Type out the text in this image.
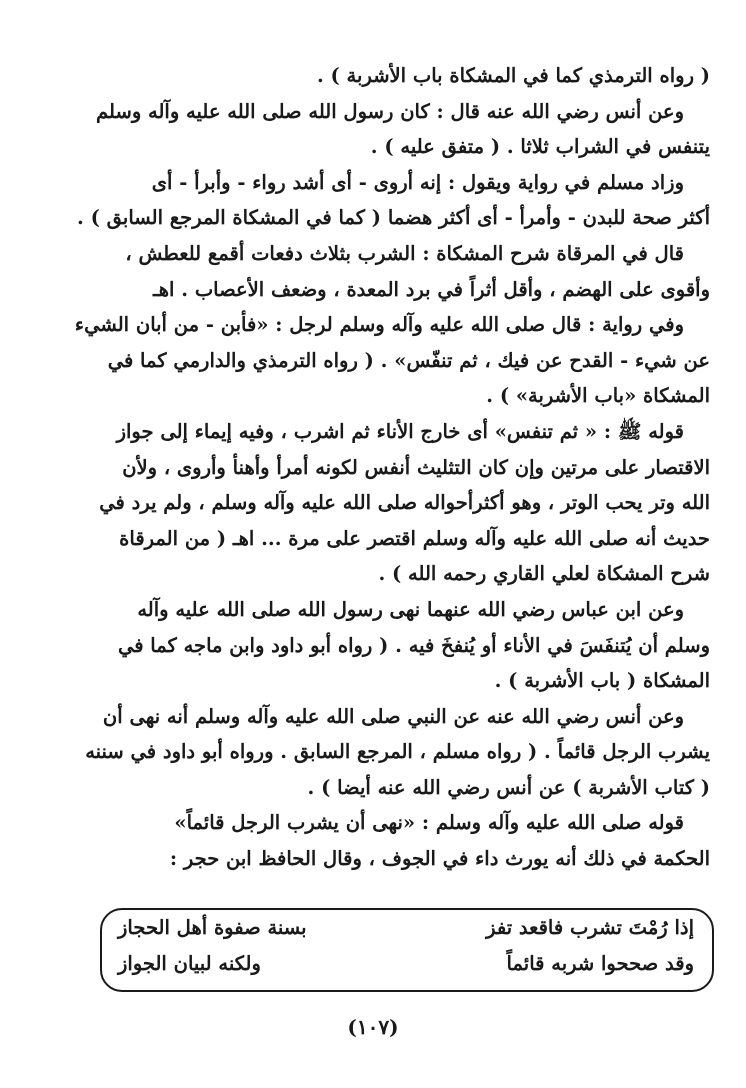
( رواه الترمذي كما في المشكاة باب الأشربة ) .
وعن أنس رضي الله عنه قال : كان رسول الله صلى الله عليه وآله وسلم
يتنفس في الشراب ثلاثا . ( متفق عليه ) .
وزاد مسلم في رواية ويقول : إنه أروى - أى أشد رواء - وأبرأ - أى
أكثر صحة للبدن - وأمرأ - أى أكثر هضما ( كما في المشكاة المرجع السابق ) .
قال في المرقاة شرح المشكاة : الشرب بثلاث دفعات أقمع للعطش ،
وأقوى على الهضم ، وأقل أثراً في برد المعدة ، وضعف الأعصاب . اهـ
وفي رواية : قال صلى الله عليه وآله وسلم لرجل : «فأبن - من أبان الشيء
عن شيء - القدح عن فيك ، ثم تنفّس» . ( رواه الترمذي والدارمي كما في
المشكاة «باب الأشربة» ) .
قوله ﷺ : « ثم تنفس» أى خارج الأناء ثم اشرب ، وفيه إيماء إلى جواز
الاقتصار على مرتين وإن كان التثليث أنفس لكونه أمرأ وأهنأ وأروى ، ولأن
الله وتر يحب الوتر ، وهو أكثرأحواله صلى الله عليه وآله وسلم ، ولم يرد في
حديث أنه صلى الله عليه وآله وسلم اقتصر على مرة ... اهـ ( من المرقاة
شرح المشكاة لعلي القاري رحمه الله ) .
وعن ابن عباس رضي الله عنهما نهى رسول الله صلى الله عليه وآله
وسلم أن يُتنفَسَ في الأناء أو يُنفخَ فيه . ( رواه أبو داود وابن ماجه كما في
المشكاة ( باب الأشربة ) .
وعن أنس رضي الله عنه عن النبي صلى الله عليه وآله وسلم أنه نهى أن
يشرب الرجل قائماً . ( رواه مسلم ، المرجع السابق . ورواه أبو داود في سننه
( كتاب الأشربة ) عن أنس رضي الله عنه أيضا ) .
قوله صلى الله عليه وآله وسلم : «نهى أن يشرب الرجل قائماً»
الحكمة في ذلك أنه يورث داء في الجوف ، وقال الحافظ ابن حجر :
إذا رُمْتَ تشرب فاقعد تفز
بسنة صفوة أهل الحجاز
وقد صححوا شربه قائماً
ولكنه لبيان الجواز
(١٠٧)
